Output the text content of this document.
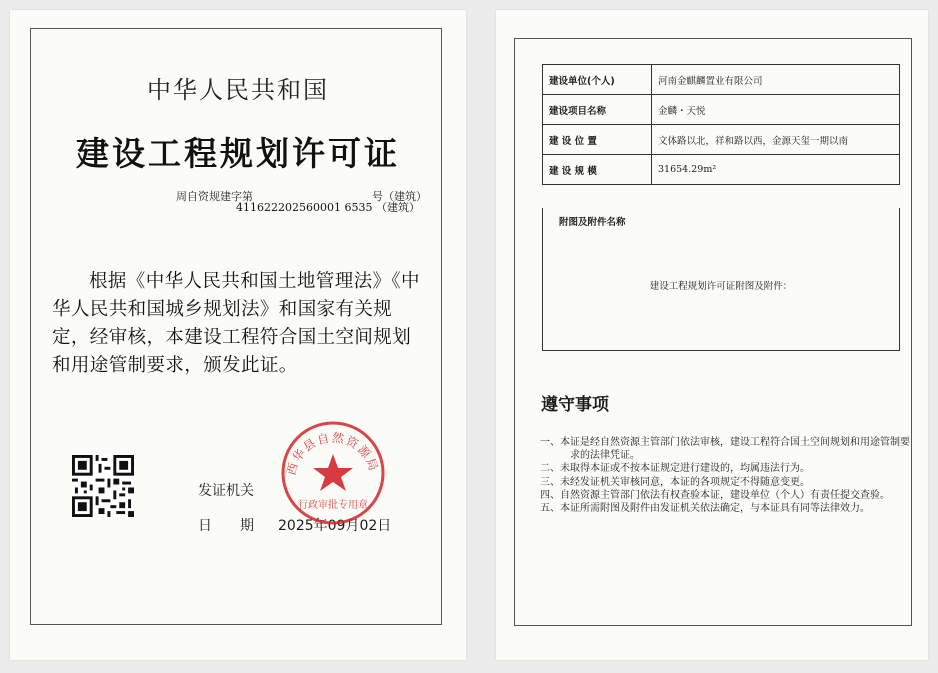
中华人民共和国
建设工程规划许可证
周自资规建字第	号（建筑）
411622202560001 6535 （建筑）
根据《中华人民共和国土地管理法》《中华人民共和国城乡规划法》和国家有关规定，经审核，本建设工程符合国土空间规划和用途管制要求，颁发此证。
发证机关
日　　期 2025年09月02日
西华县自然资源局
行政审批专用章
建设单位(个人)	河南金麒麟置业有限公司
建设项目名称	金麟・天悦
建 设 位 置	文体路以北，祥和路以西，金源天玺一期以南
建 设 规 模	31654.29m²
附图及附件名称
建设工程规划许可证附图及附件：
遵守事项
一、本证是经自然资源主管部门依法审核，建设工程符合国土空间规划和用途管制要求的法律凭证。
二、未取得本证或不按本证规定进行建设的，均属违法行为。
三、未经发证机关审核同意，本证的各项规定不得随意变更。
四、自然资源主管部门依法有权查验本证，建设单位（个人）有责任提交查验。
五、本证所需附图及附件由发证机关依法确定，与本证具有同等法律效力。
